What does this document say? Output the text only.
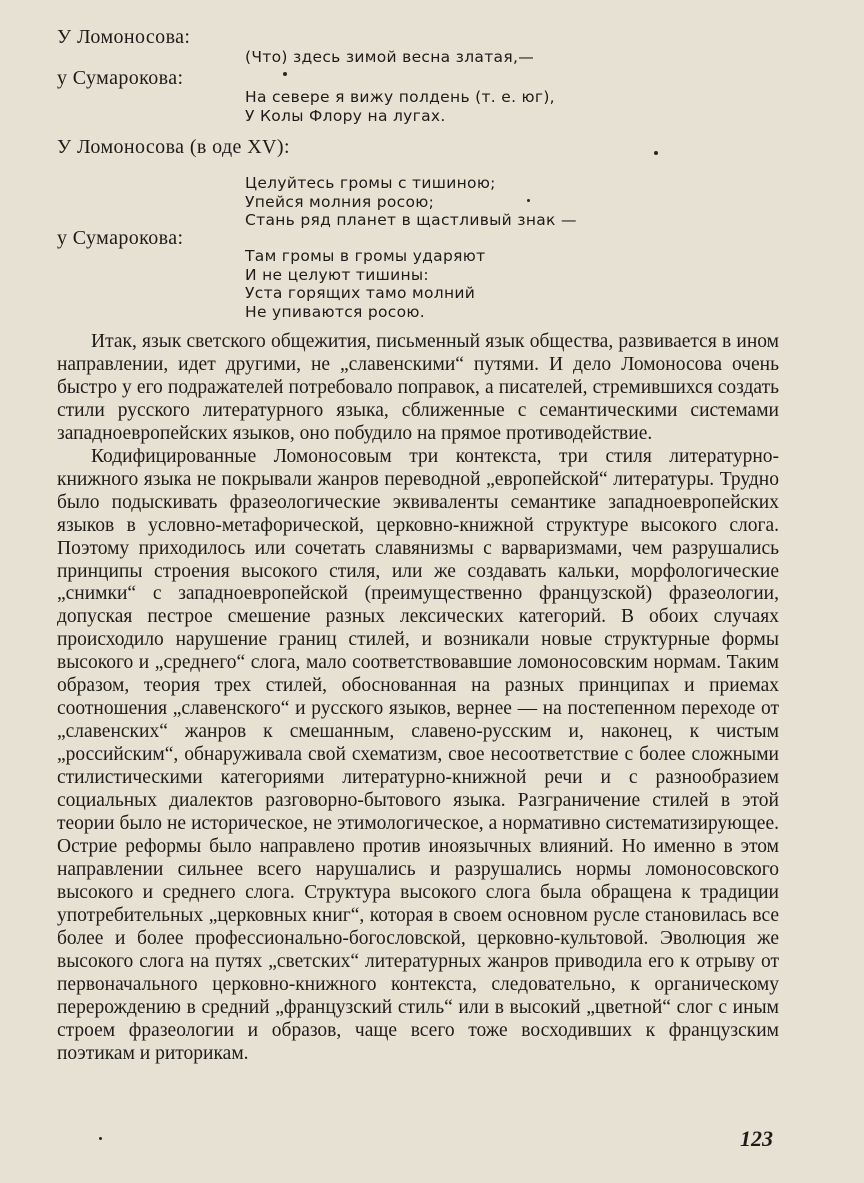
У Ломоносова:
(Что) здесь зимой весна златая,—
у Сумарокова:
На севере я вижу полдень (т. е. юг),
У Колы Флору на лугах.
У Ломоносова (в оде XV):
Целуйтесь громы с тишиною;
Упейся молния росою;
Стань ряд планет в щастливый знак —
у Сумарокова:
Там громы в громы ударяют
И не целуют тишины:
Уста горящих тамо молний
Не упиваются росою.

Итак, язык светского общежития, письменный язык общества, развивается в ином направлении, идет другими, не „славенскими“ путями. И дело Ломоносова очень быстро у его подражателей потребовало поправок, а писателей, стремившихся создать стили русского литературного языка, сближенные с семантическими системами западноевропейских языков, оно побудило на прямое противодействие.

Кодифицированные Ломоносовым три контекста, три стиля литературно-книжного языка не покрывали жанров переводной „европейской“ литературы. Трудно было подыскивать фразеологические эквиваленты семантике западноевропейских языков в условно-метафорической, церковно-книжной структуре высокого слога. Поэтому приходилось или сочетать славянизмы с варваризмами, чем разрушались принципы строения высокого стиля, или же создавать кальки, морфологические „снимки“ с западноевропейской (преимущественно французской) фразеологии, допуская пестрое смешение разных лексических категорий. В обоих случаях происходило нарушение границ стилей, и возникали новые структурные формы высокого и „среднего“ слога, мало соответствовавшие ломоносовским нормам. Таким образом, теория трех стилей, обоснованная на разных принципах и приемах соотношения „славенского“ и русского языков, вернее — на постепенном переходе от „славенских“ жанров к смешанным, славено-русским и, наконец, к чистым „российским“, обнаруживала свой схематизм, свое несоответствие с более сложными стилистическими категориями литературно-книжной речи и с разнообразием социальных диалектов разговорно-бытового языка. Разграничение стилей в этой теории было не историческое, не этимологическое, а нормативно систематизирующее. Острие реформы было направлено против иноязычных влияний. Но именно в этом направлении сильнее всего нарушались и разрушались нормы ломоносовского высокого и среднего слога. Структура высокого слога была обращена к традиции употребительных „церковных книг“, которая в своем основном русле становилась все более и более профессионально-богословской, церковно-культовой. Эволюция же высокого слога на путях „светских“ литературных жанров приводила его к отрыву от первоначального церковно-книжного контекста, следовательно, к органическому перерождению в средний „французский стиль“ или в высокий „цветной“ слог с иным строем фразеологии и образов, чаще всего тоже восходивших к французским поэтикам и риторикам.

123
